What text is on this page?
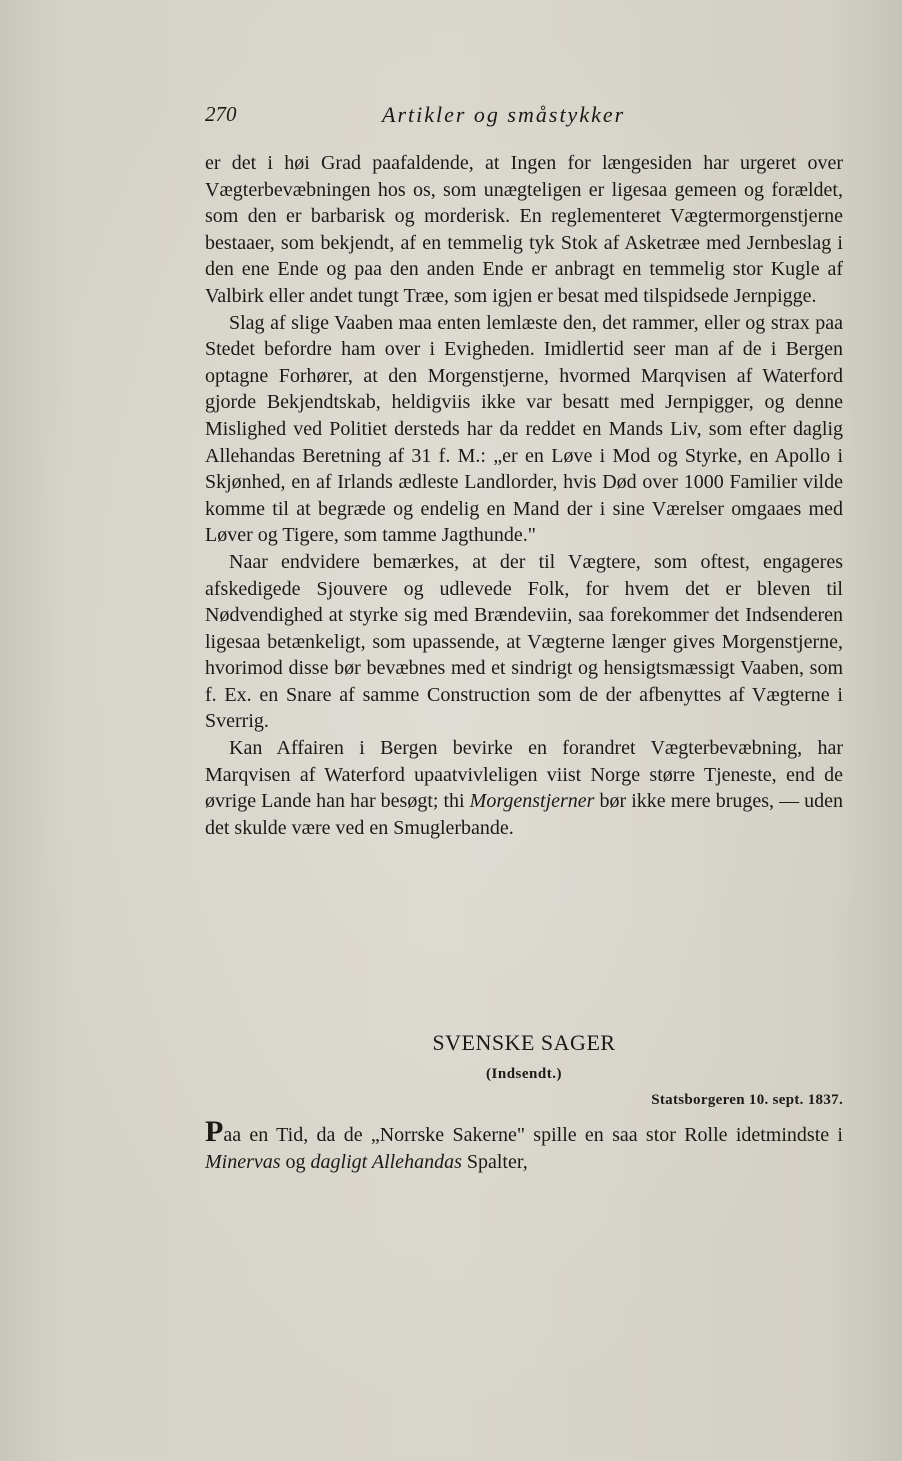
270	Artikler og småstykker

er det i høi Grad paafaldende, at Ingen for længesiden har urgeret over Vægterbevæbningen hos os, som unægteligen er ligesaa gemeen og forældet, som den er barbarisk og morderisk. En reglementeret Vægtermorgenstjerne bestaaer, som bekjendt, af en temmelig tyk Stok af Asketræe med Jernbeslag i den ene Ende og paa den anden Ende er anbragt en temmelig stor Kugle af Valbirk eller andet tungt Træe, som igjen er besat med tilspidsede Jernpigge.

Slag af slige Vaaben maa enten lemlæste den, det rammer, eller og strax paa Stedet befordre ham over i Evigheden. Imidlertid seer man af de i Bergen optagne Forhører, at den Morgenstjerne, hvormed Marqvisen af Waterford gjorde Bekjendtskab, heldigviis ikke var besatt med Jernpigger, og denne Mislighed ved Politiet dersteds har da reddet en Mands Liv, som efter daglig Allehandas Beretning af 31 f. M.: „er en Løve i Mod og Styrke, en Apollo i Skjønhed, en af Irlands ædleste Landlorder, hvis Død over 1000 Familier vilde komme til at begræde og endelig en Mand der i sine Værelser omgaaes med Løver og Tigere, som tamme Jagthunde."

Naar endvidere bemærkes, at der til Vægtere, som oftest, engageres afskedigede Sjouvere og udlevede Folk, for hvem det er bleven til Nødvendighed at styrke sig med Brændeviin, saa forekommer det Indsenderen ligesaa betænkeligt, som upassende, at Vægterne længer gives Morgenstjerne, hvorimod disse bør bevæbnes med et sindrigt og hensigtsmæssigt Vaaben, som f. Ex. en Snare af samme Construction som de der afbenyttes af Vægterne i Sverrig.

Kan Affairen i Bergen bevirke en forandret Vægterbevæbning, har Marqvisen af Waterford upaatvivleligen viist Norge større Tjeneste, end de øvrige Lande han har besøgt; thi Morgenstjerner bør ikke mere bruges, — uden det skulde være ved en Smuglerbande.

SVENSKE SAGER
(Indsendt.)
Statsborgeren 10. sept. 1837.
Paa en Tid, da de „Norrske Sakerne" spille en saa stor Rolle idetmindste i Minervas og dagligt Allehandas Spalter,
